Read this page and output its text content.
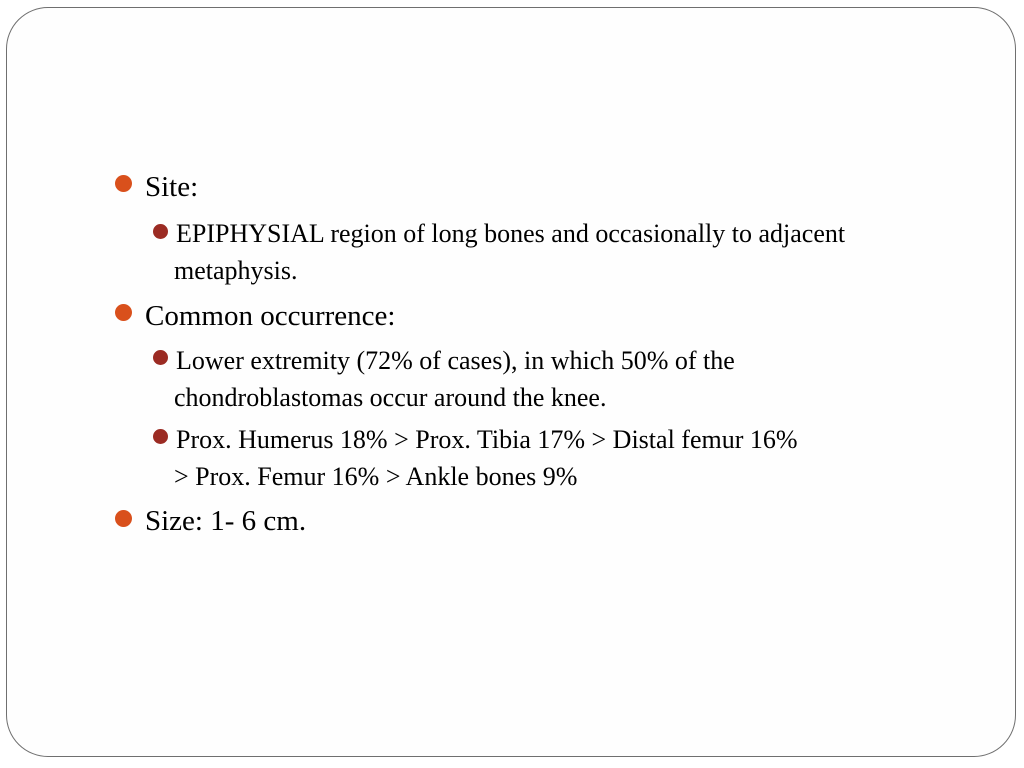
Site:
EPIPHYSIAL region of long bones and occasionally to adjacent
metaphysis.
Common occurrence:
Lower extremity (72% of cases), in which 50% of the
chondroblastomas occur around the knee.
Prox. Humerus 18% > Prox. Tibia 17% > Distal femur 16%
> Prox. Femur 16% > Ankle bones 9%
Size: 1- 6 cm.
